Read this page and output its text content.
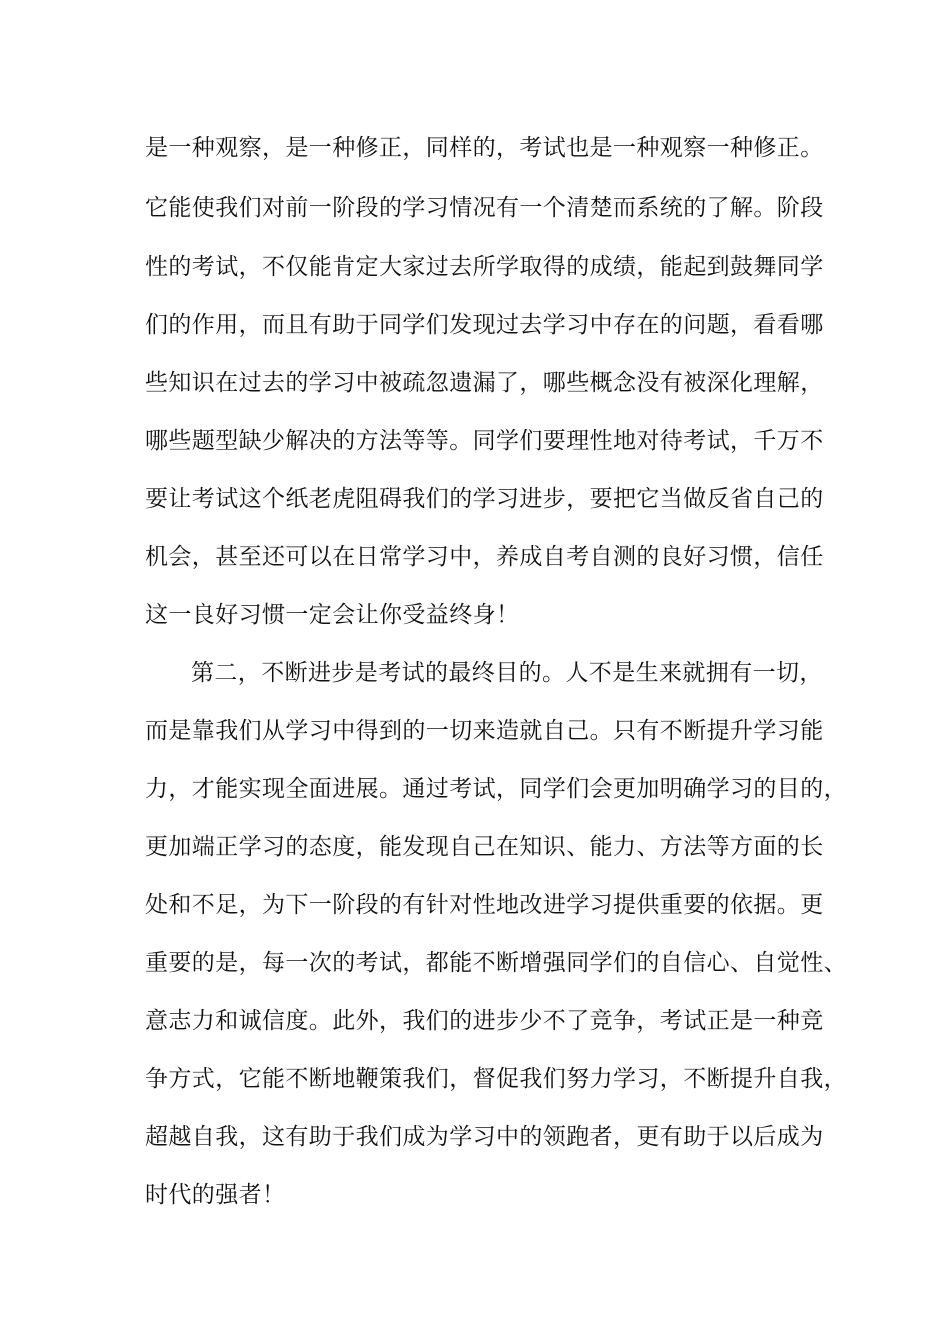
是一种观察，是一种修正，同样的，考试也是一种观察一种修正。
它能使我们对前一阶段的学习情况有一个清楚而系统的了解。阶段
性的考试，不仅能肯定大家过去所学取得的成绩，能起到鼓舞同学
们的作用，而且有助于同学们发现过去学习中存在的问题，看看哪
些知识在过去的学习中被疏忽遗漏了，哪些概念没有被深化理解，
哪些题型缺少解决的方法等等。同学们要理性地对待考试，千万不
要让考试这个纸老虎阻碍我们的学习进步，要把它当做反省自己的
机会，甚至还可以在日常学习中，养成自考自测的良好习惯，信任
这一良好习惯一定会让你受益终身！
第二，不断进步是考试的最终目的。人不是生来就拥有一切，
而是靠我们从学习中得到的一切来造就自己。只有不断提升学习能
力，才能实现全面进展。通过考试，同学们会更加明确学习的目的，
更加端正学习的态度，能发现自己在知识、能力、方法等方面的长
处和不足，为下一阶段的有针对性地改进学习提供重要的依据。更
重要的是，每一次的考试，都能不断增强同学们的自信心、自觉性、
意志力和诚信度。此外，我们的进步少不了竞争，考试正是一种竞
争方式，它能不断地鞭策我们，督促我们努力学习，不断提升自我，
超越自我，这有助于我们成为学习中的领跑者，更有助于以后成为
时代的强者！
